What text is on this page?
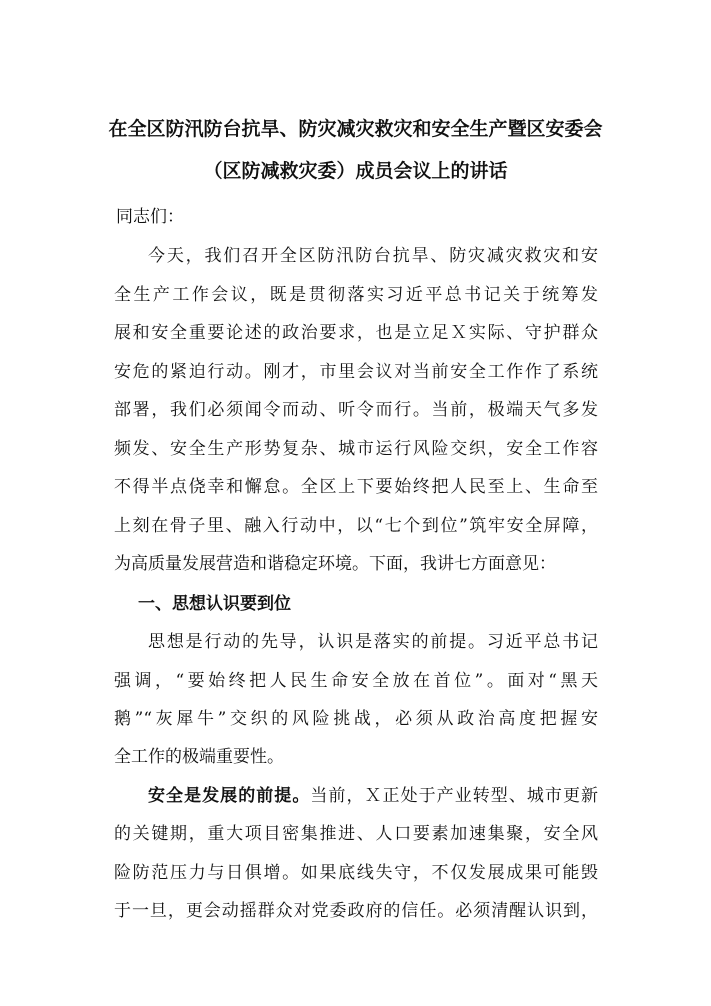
在全区防汛防台抗旱、防灾减灾救灾和安全生产暨区安委会
（区防减救灾委）成员会议上的讲话
同志们：
今天，我们召开全区防汛防台抗旱、防灾减灾救灾和安
全生产工作会议，既是贯彻落实习近平总书记关于统筹发
展和安全重要论述的政治要求，也是立足Ｘ实际、守护群众
安危的紧迫行动。刚才，市里会议对当前安全工作作了系统
部署，我们必须闻令而动、听令而行。当前，极端天气多发
频发、安全生产形势复杂、城市运行风险交织，安全工作容
不得半点侥幸和懈怠。全区上下要始终把人民至上、生命至
上刻在骨子里、融入行动中，以“七个到位”筑牢安全屏障，
为高质量发展营造和谐稳定环境。下面，我讲七方面意见：
一、思想认识要到位
思想是行动的先导，认识是落实的前提。习近平总书记
强调，“要始终把人民生命安全放在首位”。面对“黑天
鹅”“灰犀牛”交织的风险挑战，必须从政治高度把握安
全工作的极端重要性。
安全是发展的前提。当前，Ｘ正处于产业转型、城市更新
的关键期，重大项目密集推进、人口要素加速集聚，安全风
险防范压力与日俱增。如果底线失守，不仅发展成果可能毁
于一旦，更会动摇群众对党委政府的信任。必须清醒认识到，
